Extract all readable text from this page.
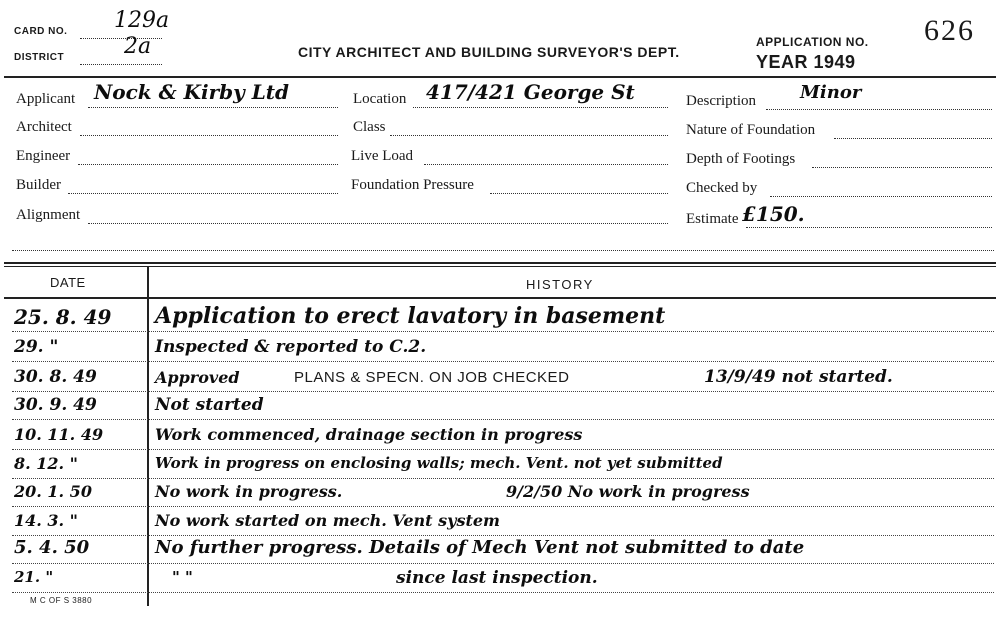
CARD NO. 129a
DISTRICT	2a	CITY ARCHITECT AND BUILDING SURVEYOR'S DEPT.
APPLICATION NO. 626
YEAR 1949
Applicant Nock & Kirby Ltd
Architect
Engineer
Builder
Alignment
Location 417/421 George St
Class
Live Load
Foundation Pressure
Description Minor
Nature of Foundation
Depth of Footings
Checked by
Estimate £150.
DATE	HISTORY
25. 8. 49	Application to erect lavatory in basement
29. "	Inspected & reported to C.2.
30. 8. 49	Approved	PLANS & SPECN. ON JOB CHECKED	13/9/49 not started.
30. 9. 49	Not started
10. 11. 49	Work commenced, drainage section in progress
8. 12. "	Work in progress on enclosing walls; mech. Vent. not yet submitted
20. 1. 50	No work in progress.	9/2/50 No work in progress
14. 3. "	No work started on mech. Vent system
5. 4. 50	No further progress. Details of Mech Vent not submitted to date
21. "	" "	since last inspection.
M C OF S 3880
